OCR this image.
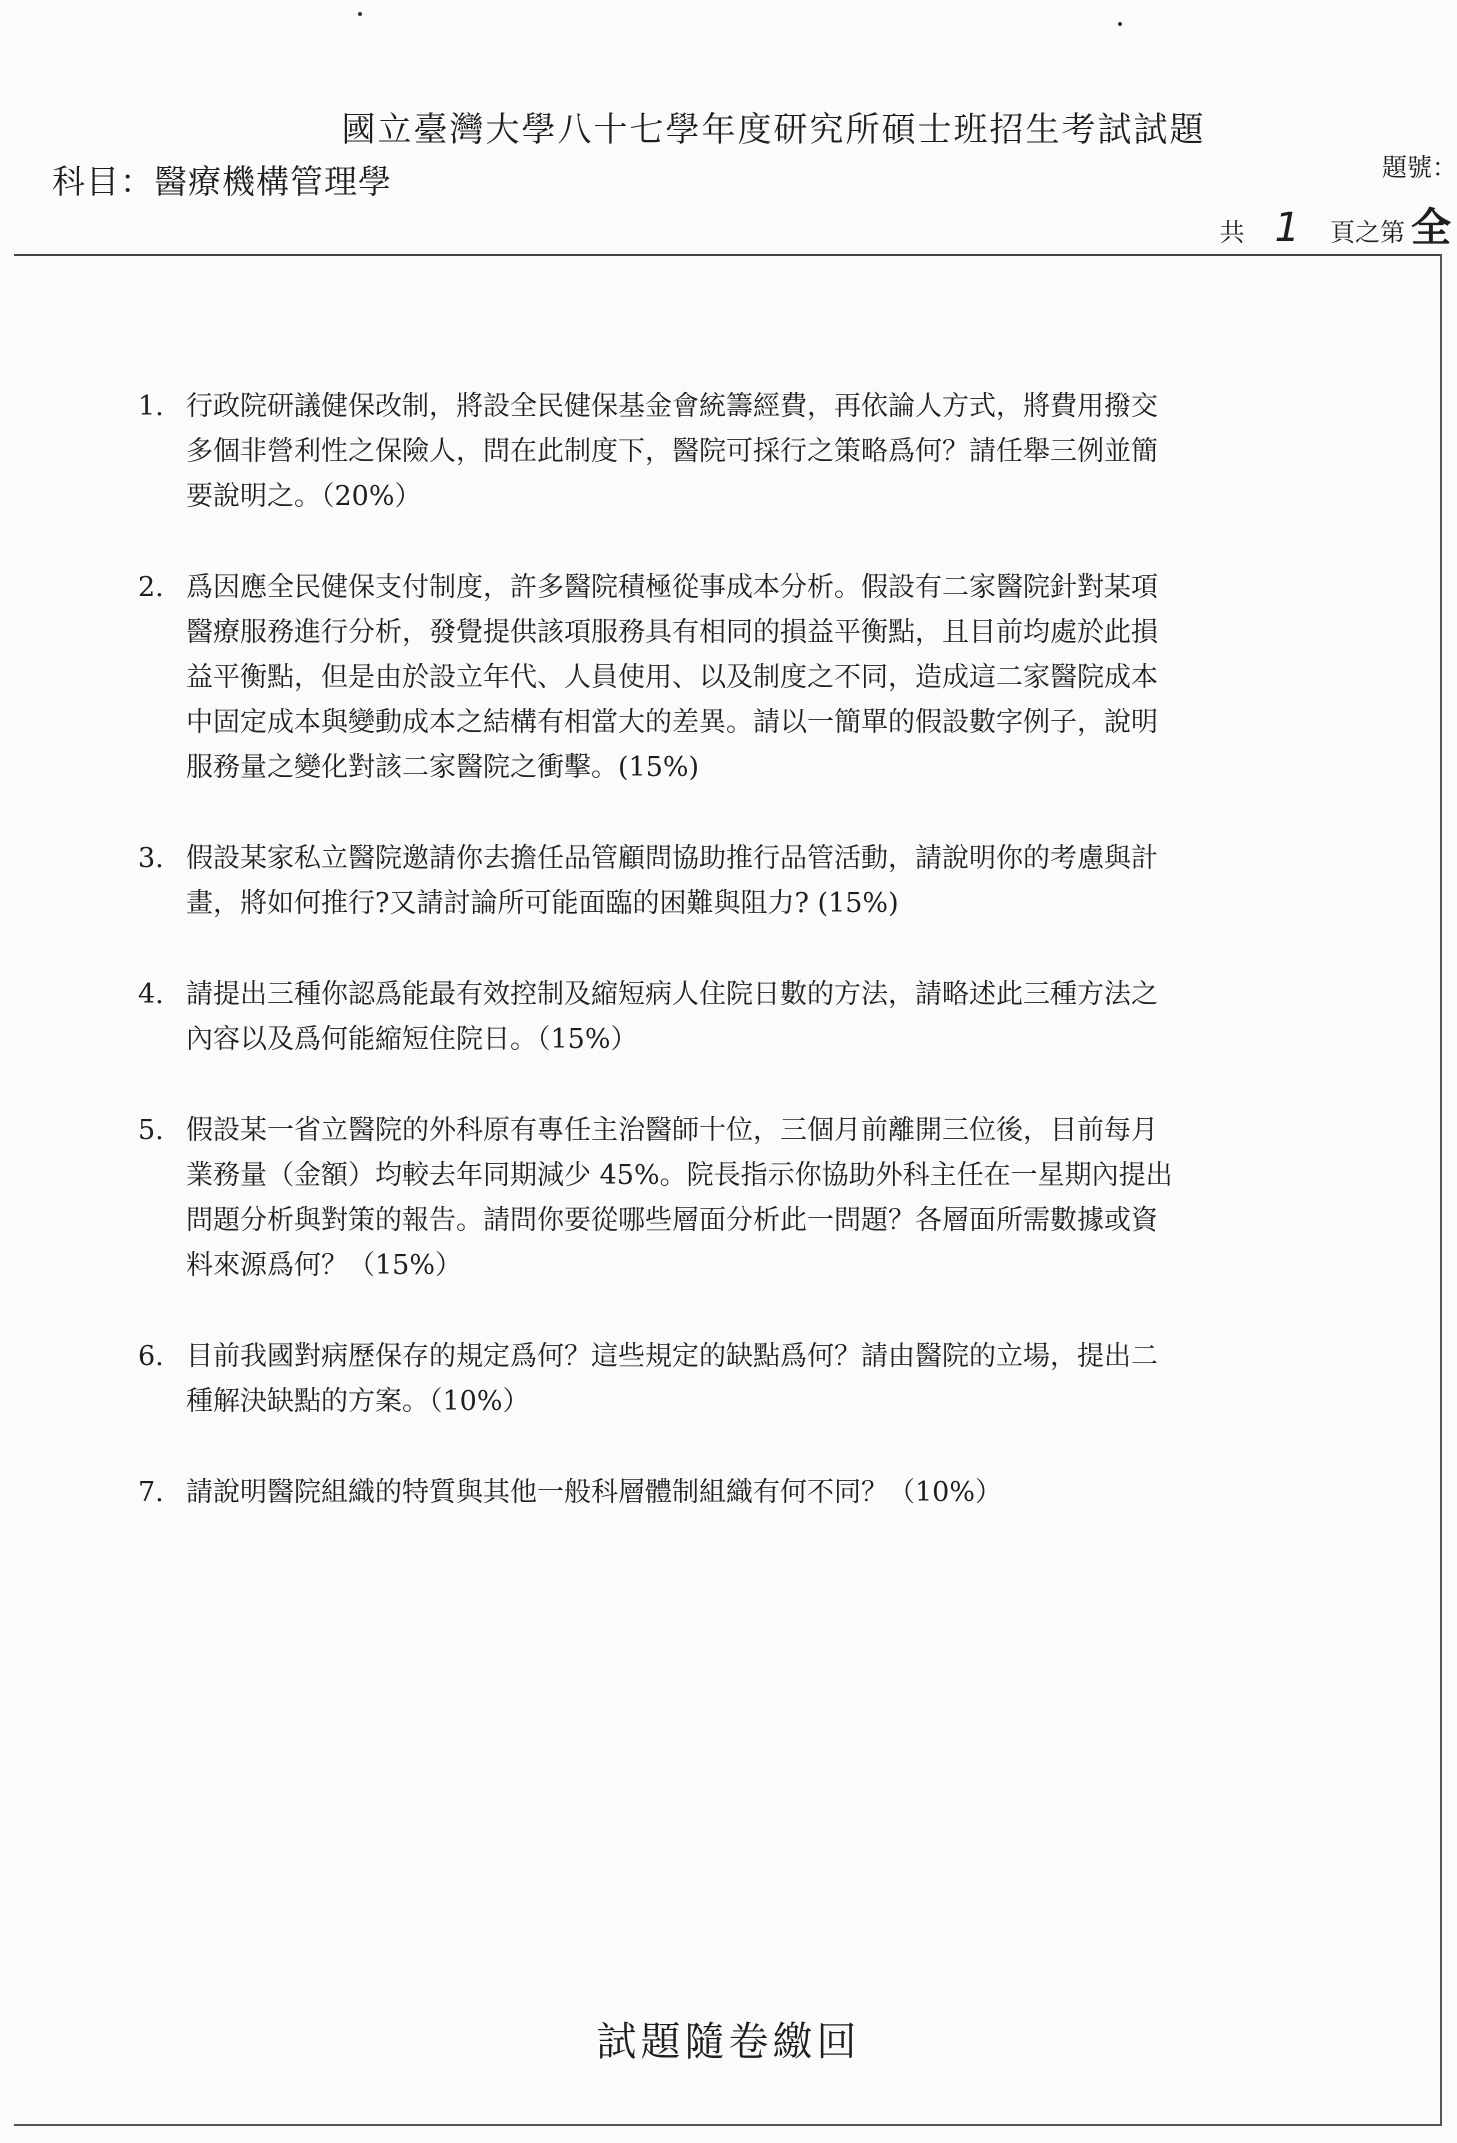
國立臺灣大學八十七學年度研究所碩士班招生考試試題
科目：醫療機構管理學	題號：
共 1 頁之第 全
1. 行政院研議健保改制，將設全民健保基金會統籌經費，再依論人方式，將費用撥交多個非營利性之保險人，問在此制度下，醫院可採行之策略爲何？請任舉三例並簡要說明之。（20%）
2. 爲因應全民健保支付制度，許多醫院積極從事成本分析。假設有二家醫院針對某項醫療服務進行分析，發覺提供該項服務具有相同的損益平衡點，且目前均處於此損益平衡點，但是由於設立年代、人員使用、以及制度之不同，造成這二家醫院成本中固定成本與變動成本之結構有相當大的差異。請以一簡單的假設數字例子，說明服務量之變化對該二家醫院之衝擊。(15%)
3. 假設某家私立醫院邀請你去擔任品管顧問協助推行品管活動，請說明你的考慮與計畫，將如何推行?又請討論所可能面臨的困難與阻力? (15%)
4. 請提出三種你認爲能最有效控制及縮短病人住院日數的方法，請略述此三種方法之內容以及爲何能縮短住院日。（15%）
5. 假設某一省立醫院的外科原有專任主治醫師十位，三個月前離開三位後，目前每月業務量（金額）均較去年同期減少 45%。院長指示你協助外科主任在一星期內提出問題分析與對策的報告。請問你要從哪些層面分析此一問題？各層面所需數據或資料來源爲何？（15%）
6. 目前我國對病歷保存的規定爲何？這些規定的缺點爲何？請由醫院的立場，提出二種解決缺點的方案。（10%）
7. 請說明醫院組織的特質與其他一般科層體制組織有何不同？（10%）
試題隨卷繳回
